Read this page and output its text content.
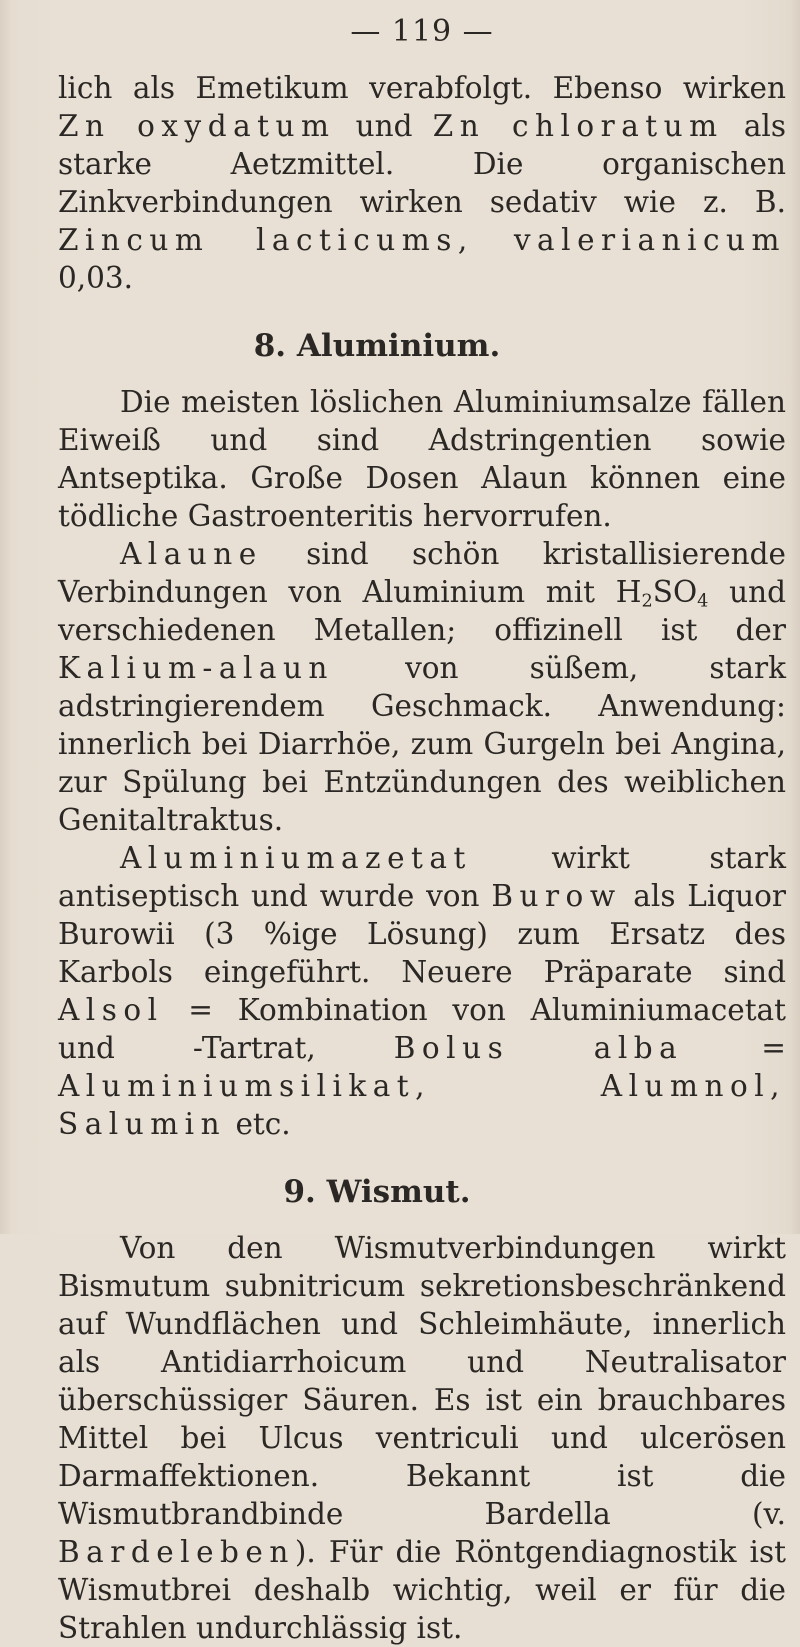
— 119 —

lich als Emetikum verabfolgt. Ebenso wirken Zn oxydatum und Zn chloratum als starke Aetzmittel. Die organischen Zinkverbindungen wirken sedativ wie z. B. Zincum lacticums, valerianicum 0,03.

8. Aluminium.

Die meisten löslichen Aluminiumsalze fällen Eiweiß und sind Adstringentien sowie Antseptika. Große Dosen Alaun können eine tödliche Gastroenteritis hervorrufen.

Alaune sind schön kristallisierende Verbindungen von Aluminium mit $H_2SO_4$ und verschiedenen Metallen; offizinell ist der Kalium-alaun von süßem, stark adstringierendem Geschmack. Anwendung: innerlich bei Diarrhöe, zum Gurgeln bei Angina, zur Spülung bei Entzündungen des weiblichen Genitaltraktus.

Aluminiumazetat wirkt stark antiseptisch und wurde von Burow als Liquor Burowii (3 %ige Lösung) zum Ersatz des Karbols eingeführt. Neuere Präparate sind Alsol = Kombination von Aluminiumacetat und -Tartrat, Bolus alba = Aluminiumsilikat, Alumnol, Salumin etc.

9. Wismut.

Von den Wismutverbindungen wirkt Bismutum subnitricum sekretionsbeschränkend auf Wundflächen und Schleimhäute, innerlich als Antidiarrhoicum und Neutralisator überschüssiger Säuren. Es ist ein brauchbares Mittel bei Ulcus ventriculi und ulcerösen Darmaffektionen. Bekannt ist die Wismutbrandbinde Bardella (v. Bardeleben). Für die Röntgendiagnostik ist Wismutbrei deshalb wichtig, weil er für die Strahlen undurchlässig ist.
